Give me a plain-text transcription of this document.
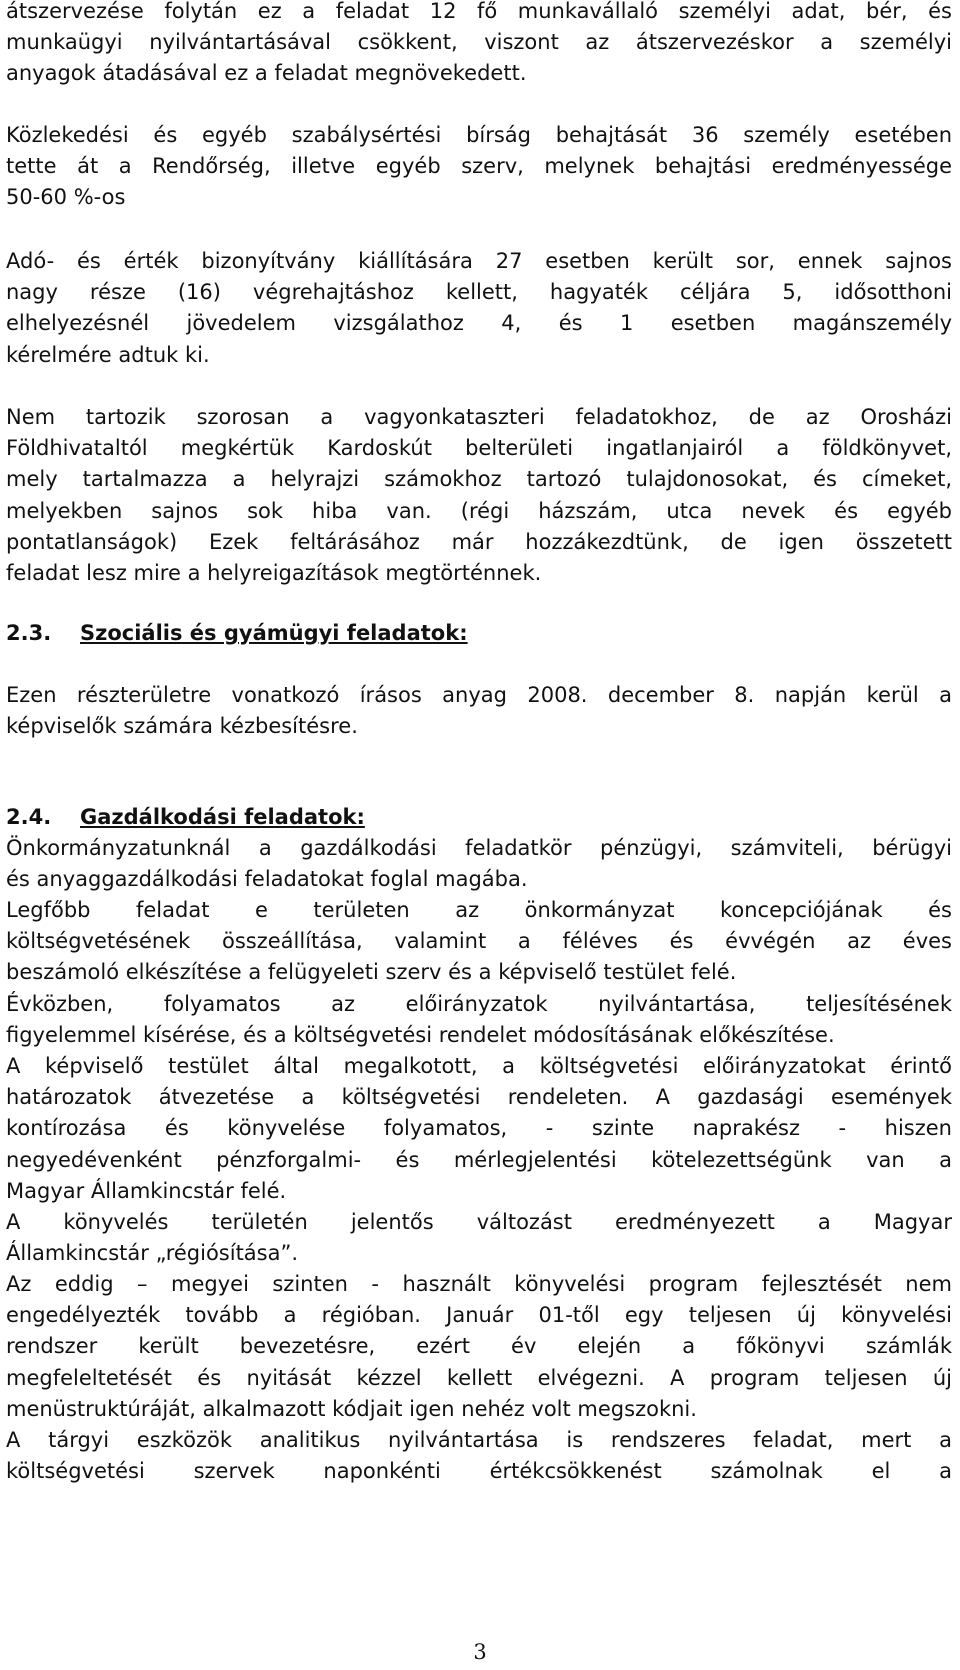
átszervezése folytán ez a feladat 12 fő munkavállaló személyi adat, bér, és
munkaügyi nyilvántartásával csökkent, viszont az átszervezéskor a személyi
anyagok átadásával ez a feladat megnövekedett.
Közlekedési és egyéb szabálysértési bírság behajtását 36 személy esetében
tette át a Rendőrség, illetve egyéb szerv, melynek behajtási eredményessége
50-60 %-os
Adó- és érték bizonyítvány kiállítására 27 esetben került sor, ennek sajnos
nagy része (16) végrehajtáshoz kellett, hagyaték céljára 5, idősotthoni
elhelyezésnél jövedelem vizsgálathoz 4, és 1 esetben magánszemély
kérelmére adtuk ki.
Nem tartozik szorosan a vagyonkataszteri feladatokhoz, de az Orosházi
Földhivataltól megkértük Kardoskút belterületi ingatlanjairól a földkönyvet,
mely tartalmazza a helyrajzi számokhoz tartozó tulajdonosokat, és címeket,
melyekben sajnos sok hiba van. (régi házszám, utca nevek és egyéb
pontatlanságok) Ezek feltárásához már hozzákezdtünk, de igen összetett
feladat lesz mire a helyreigazítások megtörténnek.
2.3. Szociális és gyámügyi feladatok:
Ezen részterületre vonatkozó írásos anyag 2008. december 8. napján kerül a
képviselők számára kézbesítésre.
2.4. Gazdálkodási feladatok:
Önkormányzatunknál a gazdálkodási feladatkör pénzügyi, számviteli, bérügyi
és anyaggazdálkodási feladatokat foglal magába.
Legfőbb feladat e területen az önkormányzat koncepciójának és
költségvetésének összeállítása, valamint a féléves és évvégén az éves
beszámoló elkészítése a felügyeleti szerv és a képviselő testület felé.
Évközben, folyamatos az előirányzatok nyilvántartása, teljesítésének
figyelemmel kísérése, és a költségvetési rendelet módosításának előkészítése.
A képviselő testület által megalkotott, a költségvetési előirányzatokat érintő
határozatok átvezetése a költségvetési rendeleten. A gazdasági események
kontírozása és könyvelése folyamatos, - szinte naprakész - hiszen
negyedévenként pénzforgalmi- és mérlegjelentési kötelezettségünk van a
Magyar Államkincstár felé.
A könyvelés területén jelentős változást eredményezett a Magyar
Államkincstár „régiósítása”.
Az eddig – megyei szinten - használt könyvelési program fejlesztését nem
engedélyezték tovább a régióban. Január 01-től egy teljesen új könyvelési
rendszer került bevezetésre, ezért év elején a főkönyvi számlák
megfeleltetését és nyitását kézzel kellett elvégezni. A program teljesen új
menüstruktúráját, alkalmazott kódjait igen nehéz volt megszokni.
A tárgyi eszközök analitikus nyilvántartása is rendszeres feladat, mert a
költségvetési szervek naponkénti értékcsökkenést számolnak el a
3
